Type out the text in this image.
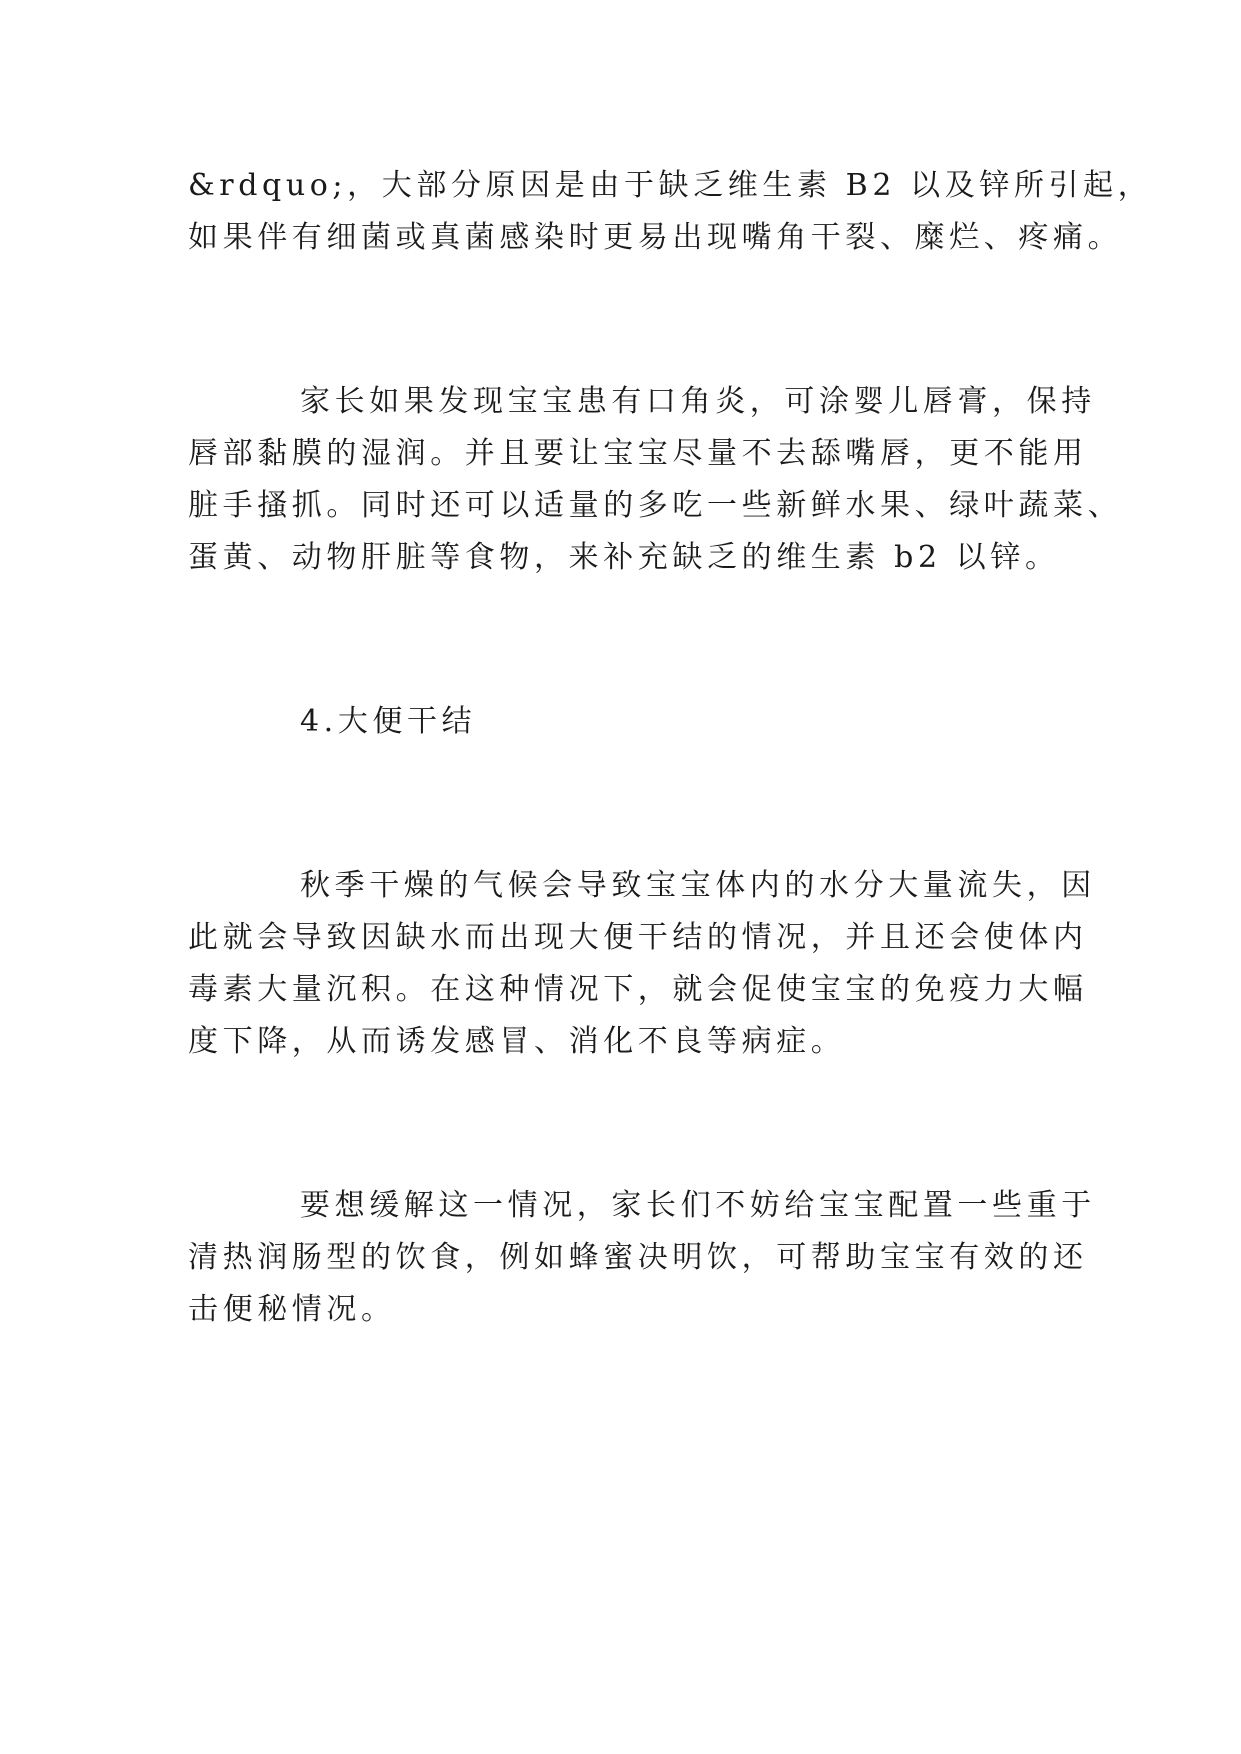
&rdquo;，大部分原因是由于缺乏维生素 B2 以及锌所引起，
如果伴有细菌或真菌感染时更易出现嘴角干裂、糜烂、疼痛。
家长如果发现宝宝患有口角炎，可涂婴儿唇膏，保持
唇部黏膜的湿润。并且要让宝宝尽量不去舔嘴唇，更不能用
脏手搔抓。同时还可以适量的多吃一些新鲜水果、绿叶蔬菜、
蛋黄、动物肝脏等食物，来补充缺乏的维生素 b2 以锌。
4.大便干结
秋季干燥的气候会导致宝宝体内的水分大量流失，因
此就会导致因缺水而出现大便干结的情况，并且还会使体内
毒素大量沉积。在这种情况下，就会促使宝宝的免疫力大幅
度下降，从而诱发感冒、消化不良等病症。
要想缓解这一情况，家长们不妨给宝宝配置一些重于
清热润肠型的饮食，例如蜂蜜决明饮，可帮助宝宝有效的还
击便秘情况。
